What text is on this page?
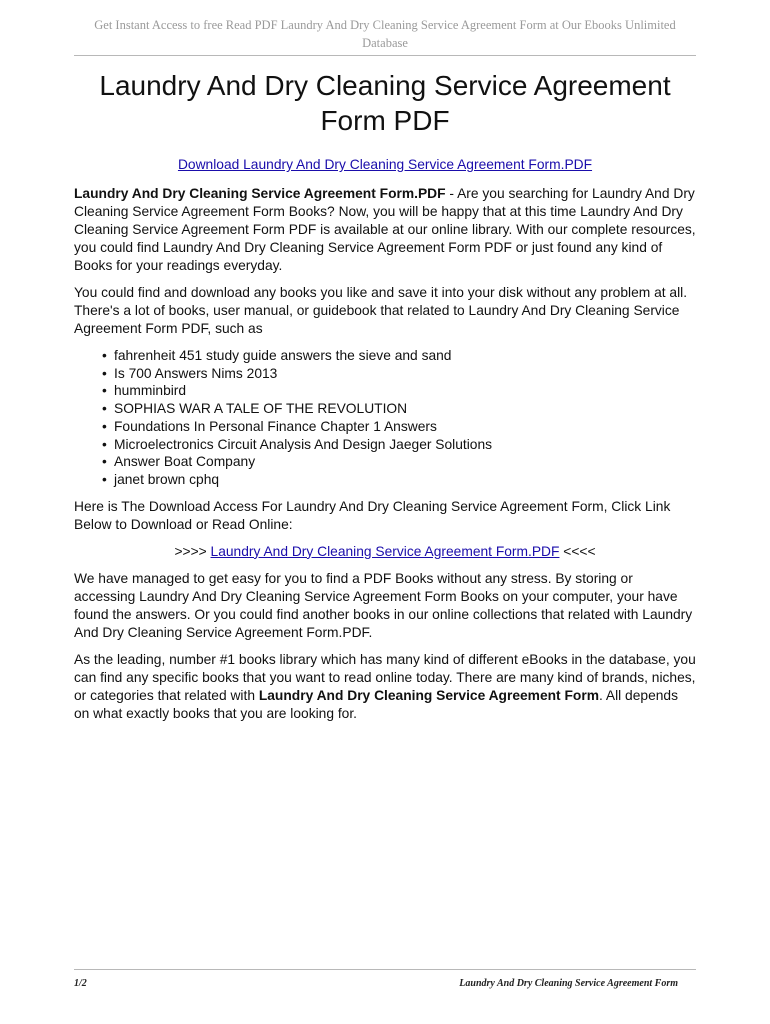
Get Instant Access to free Read PDF Laundry And Dry Cleaning Service Agreement Form at Our Ebooks Unlimited Database
Laundry And Dry Cleaning Service Agreement Form PDF
Download Laundry And Dry Cleaning Service Agreement Form.PDF

Laundry And Dry Cleaning Service Agreement Form.PDF - Are you searching for Laundry And Dry Cleaning Service Agreement Form Books? Now, you will be happy that at this time Laundry And Dry Cleaning Service Agreement Form PDF is available at our online library. With our complete resources, you could find Laundry And Dry Cleaning Service Agreement Form PDF or just found any kind of Books for your readings everyday.

You could find and download any books you like and save it into your disk without any problem at all. There's a lot of books, user manual, or guidebook that related to Laundry And Dry Cleaning Service Agreement Form PDF, such as

• fahrenheit 451 study guide answers the sieve and sand
• Is 700 Answers Nims 2013
• humminbird
• SOPHIAS WAR A TALE OF THE REVOLUTION
• Foundations In Personal Finance Chapter 1 Answers
• Microelectronics Circuit Analysis And Design Jaeger Solutions
• Answer Boat Company
• janet brown cphq

Here is The Download Access For Laundry And Dry Cleaning Service Agreement Form, Click Link Below to Download or Read Online:

>>>> Laundry And Dry Cleaning Service Agreement Form.PDF <<<<

We have managed to get easy for you to find a PDF Books without any stress. By storing or accessing Laundry And Dry Cleaning Service Agreement Form Books on your computer, your have found the answers. Or you could find another books in our online collections that related with Laundry And Dry Cleaning Service Agreement Form.PDF.

As the leading, number #1 books library which has many kind of different eBooks in the database, you can find any specific books that you want to read online today. There are many kind of brands, niches, or categories that related with Laundry And Dry Cleaning Service Agreement Form. All depends on what exactly books that you are looking for.

1/2	Laundry And Dry Cleaning Service Agreement Form
